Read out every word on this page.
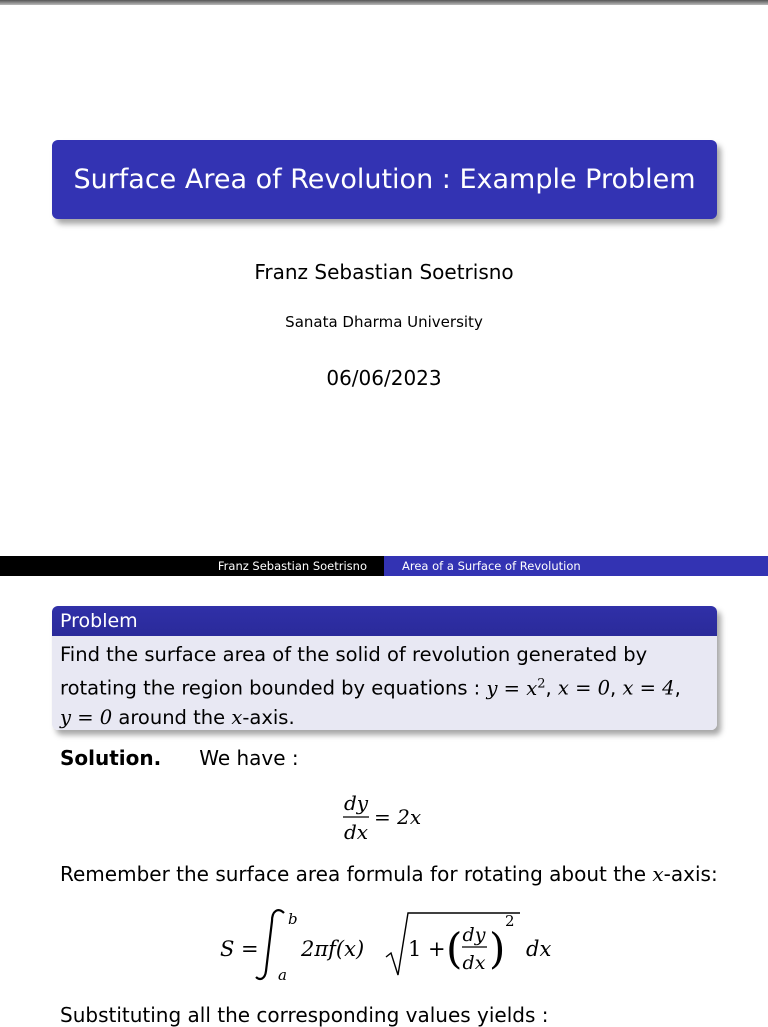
Surface Area of Revolution : Example Problem
Franz Sebastian Soetrisno
Sanata Dharma University
06/06/2023
Franz Sebastian Soetrisno	Area of a Surface of Revolution
Problem
Find the surface area of the solid of revolution generated by
rotating the region bounded by equations : $y = x^2$, x = 0, x = 4,
y = 0 around the x-axis.
Solution. We have :
dy
dx
= 2x
Remember the surface area formula for rotating about the x-axis:
S =
b
a
2πf(x) 1 + ( dy
dx )
2
dx
Substituting all the corresponding values yields :
